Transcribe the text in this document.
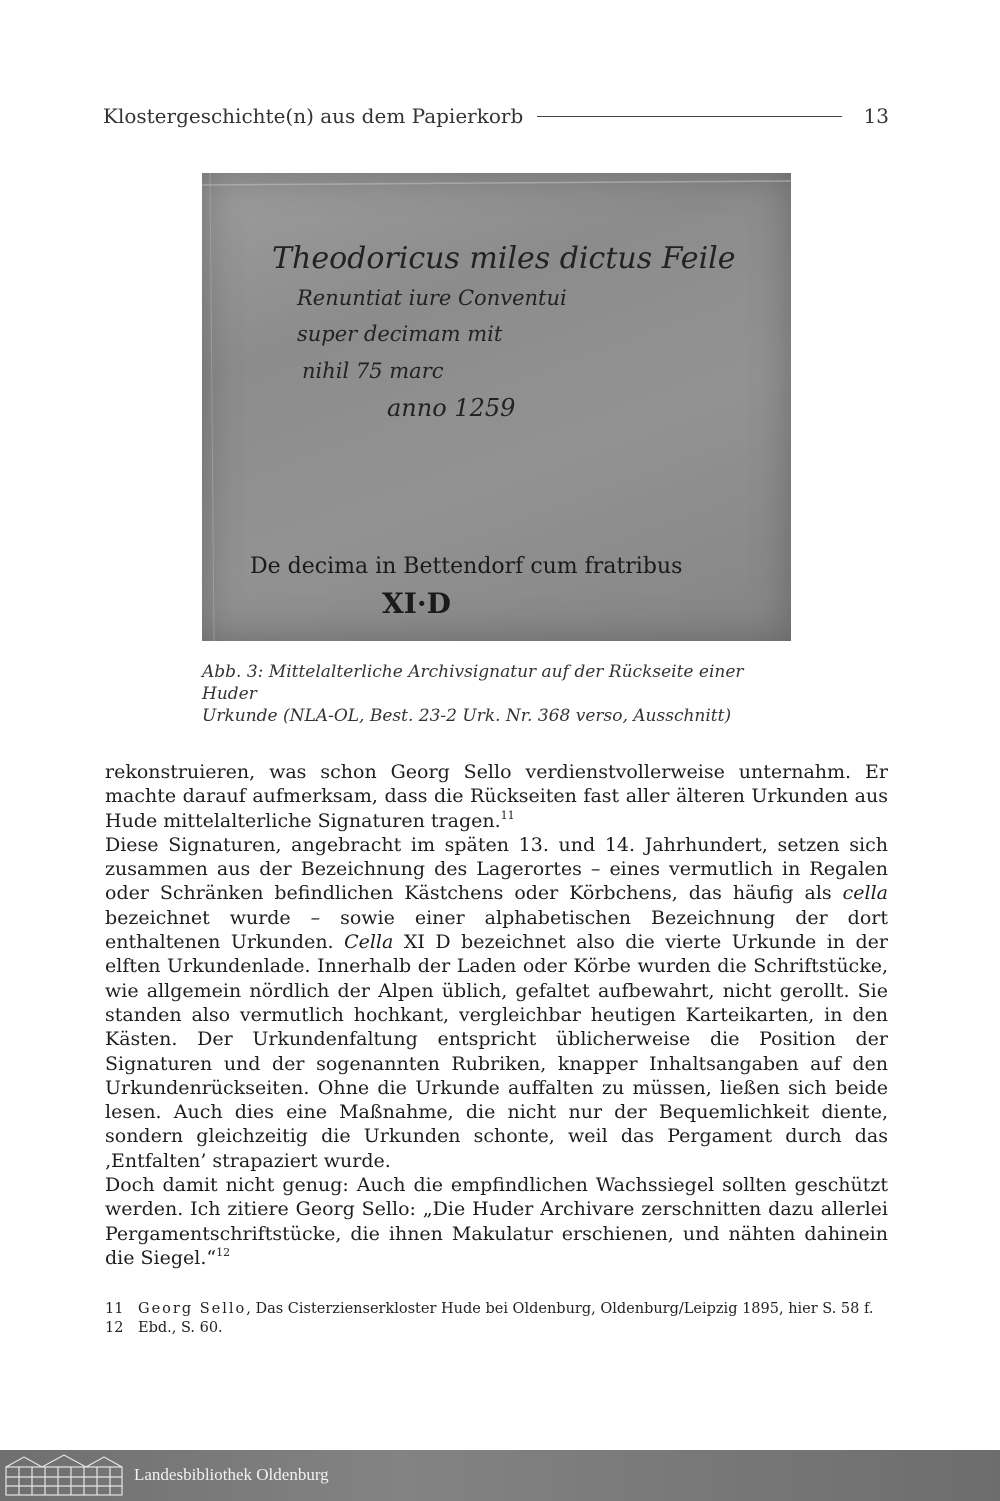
Klostergeschichte(n) aus dem Papierkorb	13
Theodoricus miles dictus Feile
Renuntiat iure Conventui
super decimam mit
nihil 75 marc
anno 1259
De decima in Bettendorf cum fratribus
XI·D

Abb. 3: Mittelalterliche Archivsignatur auf der Rückseite einer Huder
Urkunde (NLA-OL, Best. 23-2 Urk. Nr. 368 verso, Ausschnitt)

rekonstruieren, was schon Georg Sello verdienstvollerweise unternahm. Er machte darauf aufmerksam, dass die Rückseiten fast aller älteren Urkunden aus Hude mittelalterliche Signaturen tragen.$^{11}$

Diese Signaturen, angebracht im späten 13. und 14. Jahrhundert, setzen sich zusammen aus der Bezeichnung des Lagerortes – eines vermutlich in Regalen oder Schränken befindlichen Kästchens oder Körbchens, das häufig als cella bezeichnet wurde – sowie einer alphabetischen Bezeichnung der dort enthaltenen Urkunden. Cella XI D bezeichnet also die vierte Urkunde in der elften Urkundenlade. Innerhalb der Laden oder Körbe wurden die Schriftstücke, wie allgemein nördlich der Alpen üblich, gefaltet aufbewahrt, nicht gerollt. Sie standen also vermutlich hochkant, vergleichbar heutigen Karteikarten, in den Kästen. Der Urkundenfaltung entspricht üblicherweise die Position der Signaturen und der sogenannten Rubriken, knapper Inhaltsangaben auf den Urkundenrückseiten. Ohne die Urkunde auffalten zu müssen, ließen sich beide lesen. Auch dies eine Maßnahme, die nicht nur der Bequemlichkeit diente, sondern gleichzeitig die Urkunden schonte, weil das Pergament durch das ‚Entfalten’ strapaziert wurde.

Doch damit nicht genug: Auch die empfindlichen Wachssiegel sollten geschützt werden. Ich zitiere Georg Sello: „Die Huder Archivare zerschnitten dazu allerlei Pergamentschriftstücke, die ihnen Makulatur erschienen, und nähten dahinein die Siegel.“$^{12}$

11	Georg Sello, Das Cisterzienserkloster Hude bei Oldenburg, Oldenburg/Leipzig 1895, hier S. 58 f.
12	Ebd., S. 60.
Landesbibliothek Oldenburg
